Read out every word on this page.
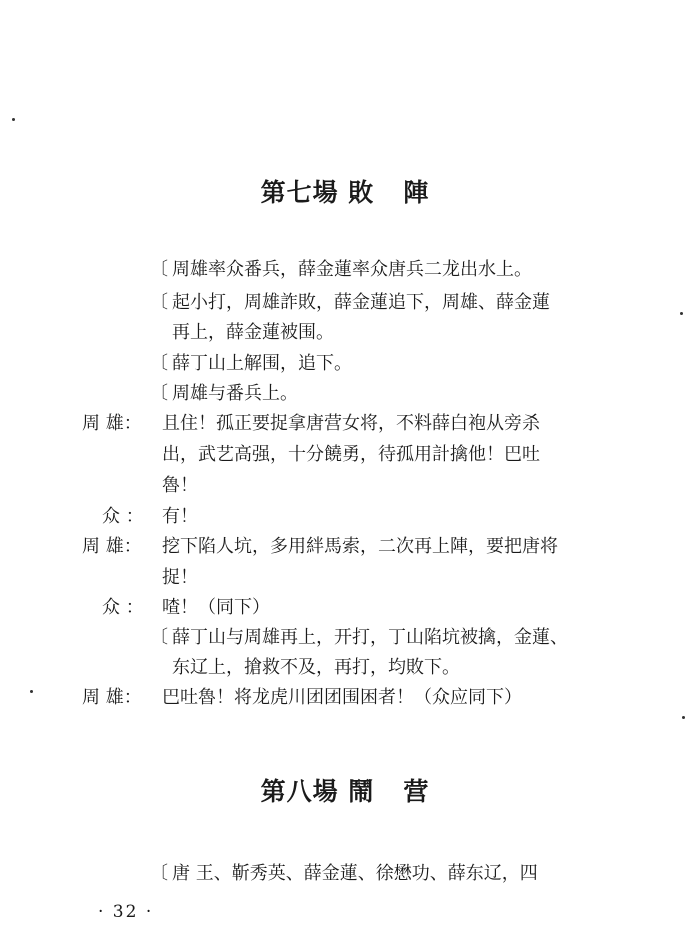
第七場 敗   陣
〔 周雄率众番兵，薛金蓮率众唐兵二龙出水上。
〔 起小打，周雄詐敗，薛金蓮追下，周雄、薛金蓮
再上，薛金蓮被围。
〔 薛丁山上解围，追下。
〔 周雄与番兵上。
周 雄： 且住！孤正要捉拿唐营女将，不料薛白袍从旁杀
出，武艺高强，十分饒勇，待孤用計擒他！巴吐
魯！
众 ： 有！
周 雄： 挖下陷人坑，多用絆馬索，二次再上陣，要把唐将
捉！
众 ： 喳！（同下）
〔 薛丁山与周雄再上，开打，丁山陷坑被擒，金蓮、
东辽上，搶救不及，再打，均敗下。
周 雄： 巴吐魯！将龙虎川团团围困者！（众应同下）
第八場 鬧   营
〔 唐 王、靳秀英、薛金蓮、徐懋功、薛东辽，四
· 32 ·
